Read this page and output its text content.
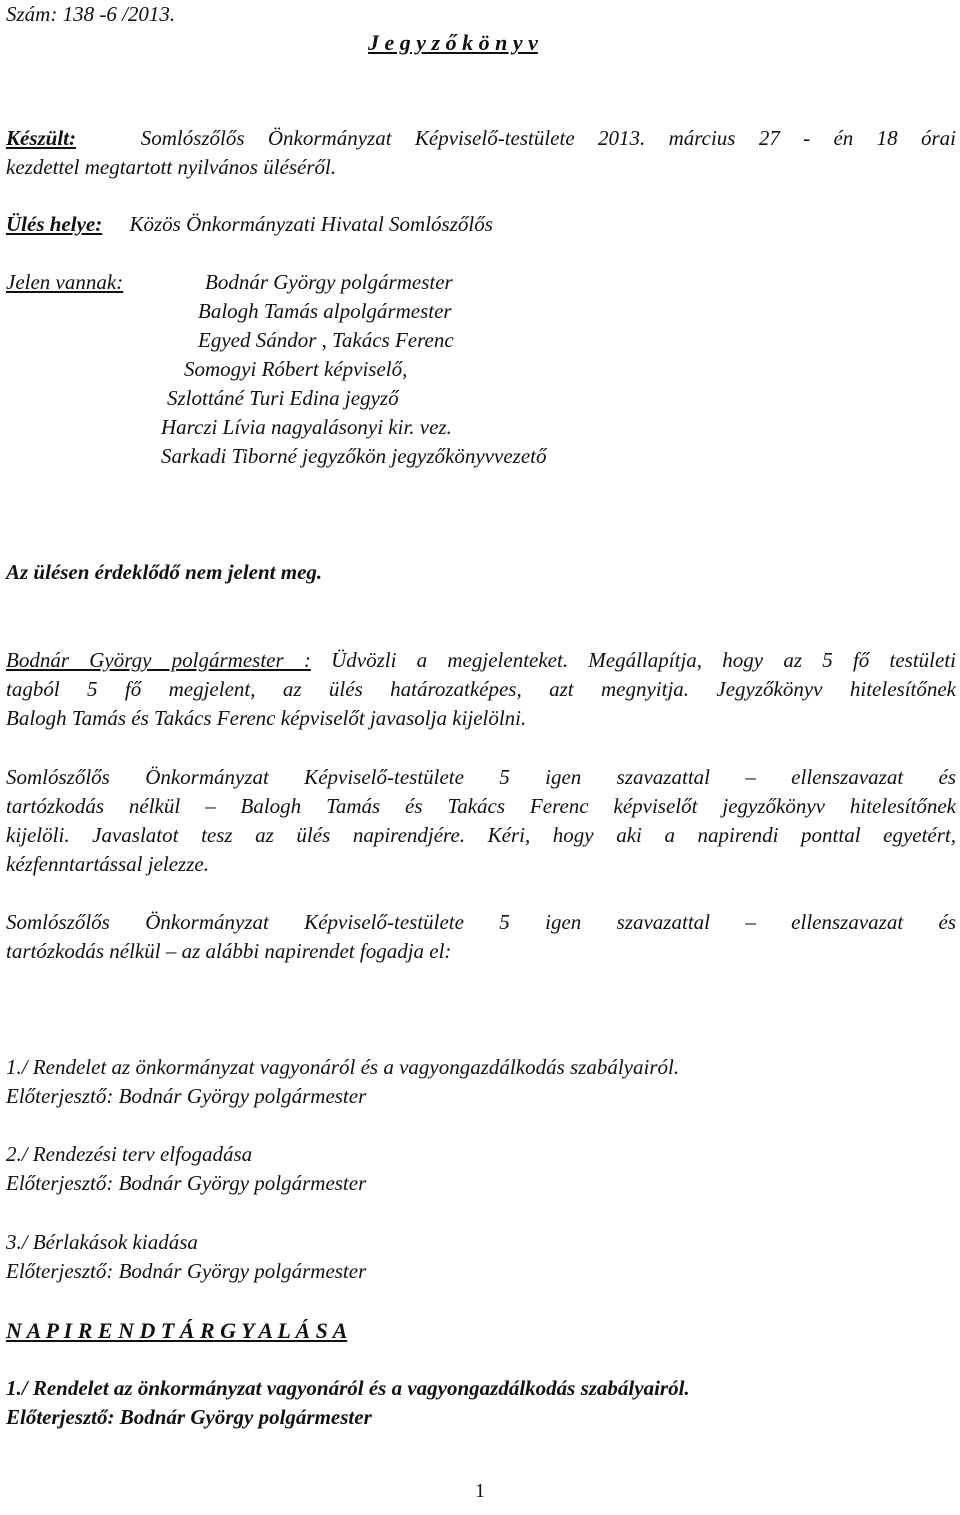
Szám: 138 -6 /2013.
J e g y z ő k ö n y v
Készült:	Somlószőlős Önkormányzat Képviselő-testülete 2013. március 27 - én 18 órai
kezdettel megtartott nyilvános üléséről.
Ülés helye: Közös Önkormányzati Hivatal Somlószőlős
Jelen vannak:	Bodnár György polgármester
Balogh Tamás alpolgármester
Egyed Sándor , Takács Ferenc
Somogyi Róbert képviselő,
Szlottáné Turi Edina jegyző
Harczi Lívia nagyalásonyi kir. vez.
Sarkadi Tiborné jegyzőkön jegyzőkönyvvezető
Az ülésen érdeklődő nem jelent meg.
Bodnár György polgármester : Üdvözli a megjelenteket. Megállapítja, hogy az 5 fő testületi
tagból 5 fő megjelent, az ülés határozatképes, azt megnyitja. Jegyzőkönyv hitelesítőnek
Balogh Tamás és Takács Ferenc képviselőt javasolja kijelölni.
Somlószőlős Önkormányzat Képviselő-testülete 5 igen szavazattal – ellenszavazat és
tartózkodás nélkül – Balogh Tamás és Takács Ferenc képviselőt jegyzőkönyv hitelesítőnek
kijelöli. Javaslatot tesz az ülés napirendjére. Kéri, hogy aki a napirendi ponttal egyetért,
kézfenntartással jelezze.
Somlószőlős Önkormányzat Képviselő-testülete 5 igen szavazattal – ellenszavazat és
tartózkodás nélkül – az alábbi napirendet fogadja el:
1./ Rendelet az önkormányzat vagyonáról és a vagyongazdálkodás szabályairól.
Előterjesztő: Bodnár György polgármester
2./ Rendezési terv elfogadása
Előterjesztő: Bodnár György polgármester
3./ Bérlakások kiadása
Előterjesztő: Bodnár György polgármester
N A P I R E N D T Á R G Y A L Á S A
1./ Rendelet az önkormányzat vagyonáról és a vagyongazdálkodás szabályairól.
Előterjesztő: Bodnár György polgármester
1
